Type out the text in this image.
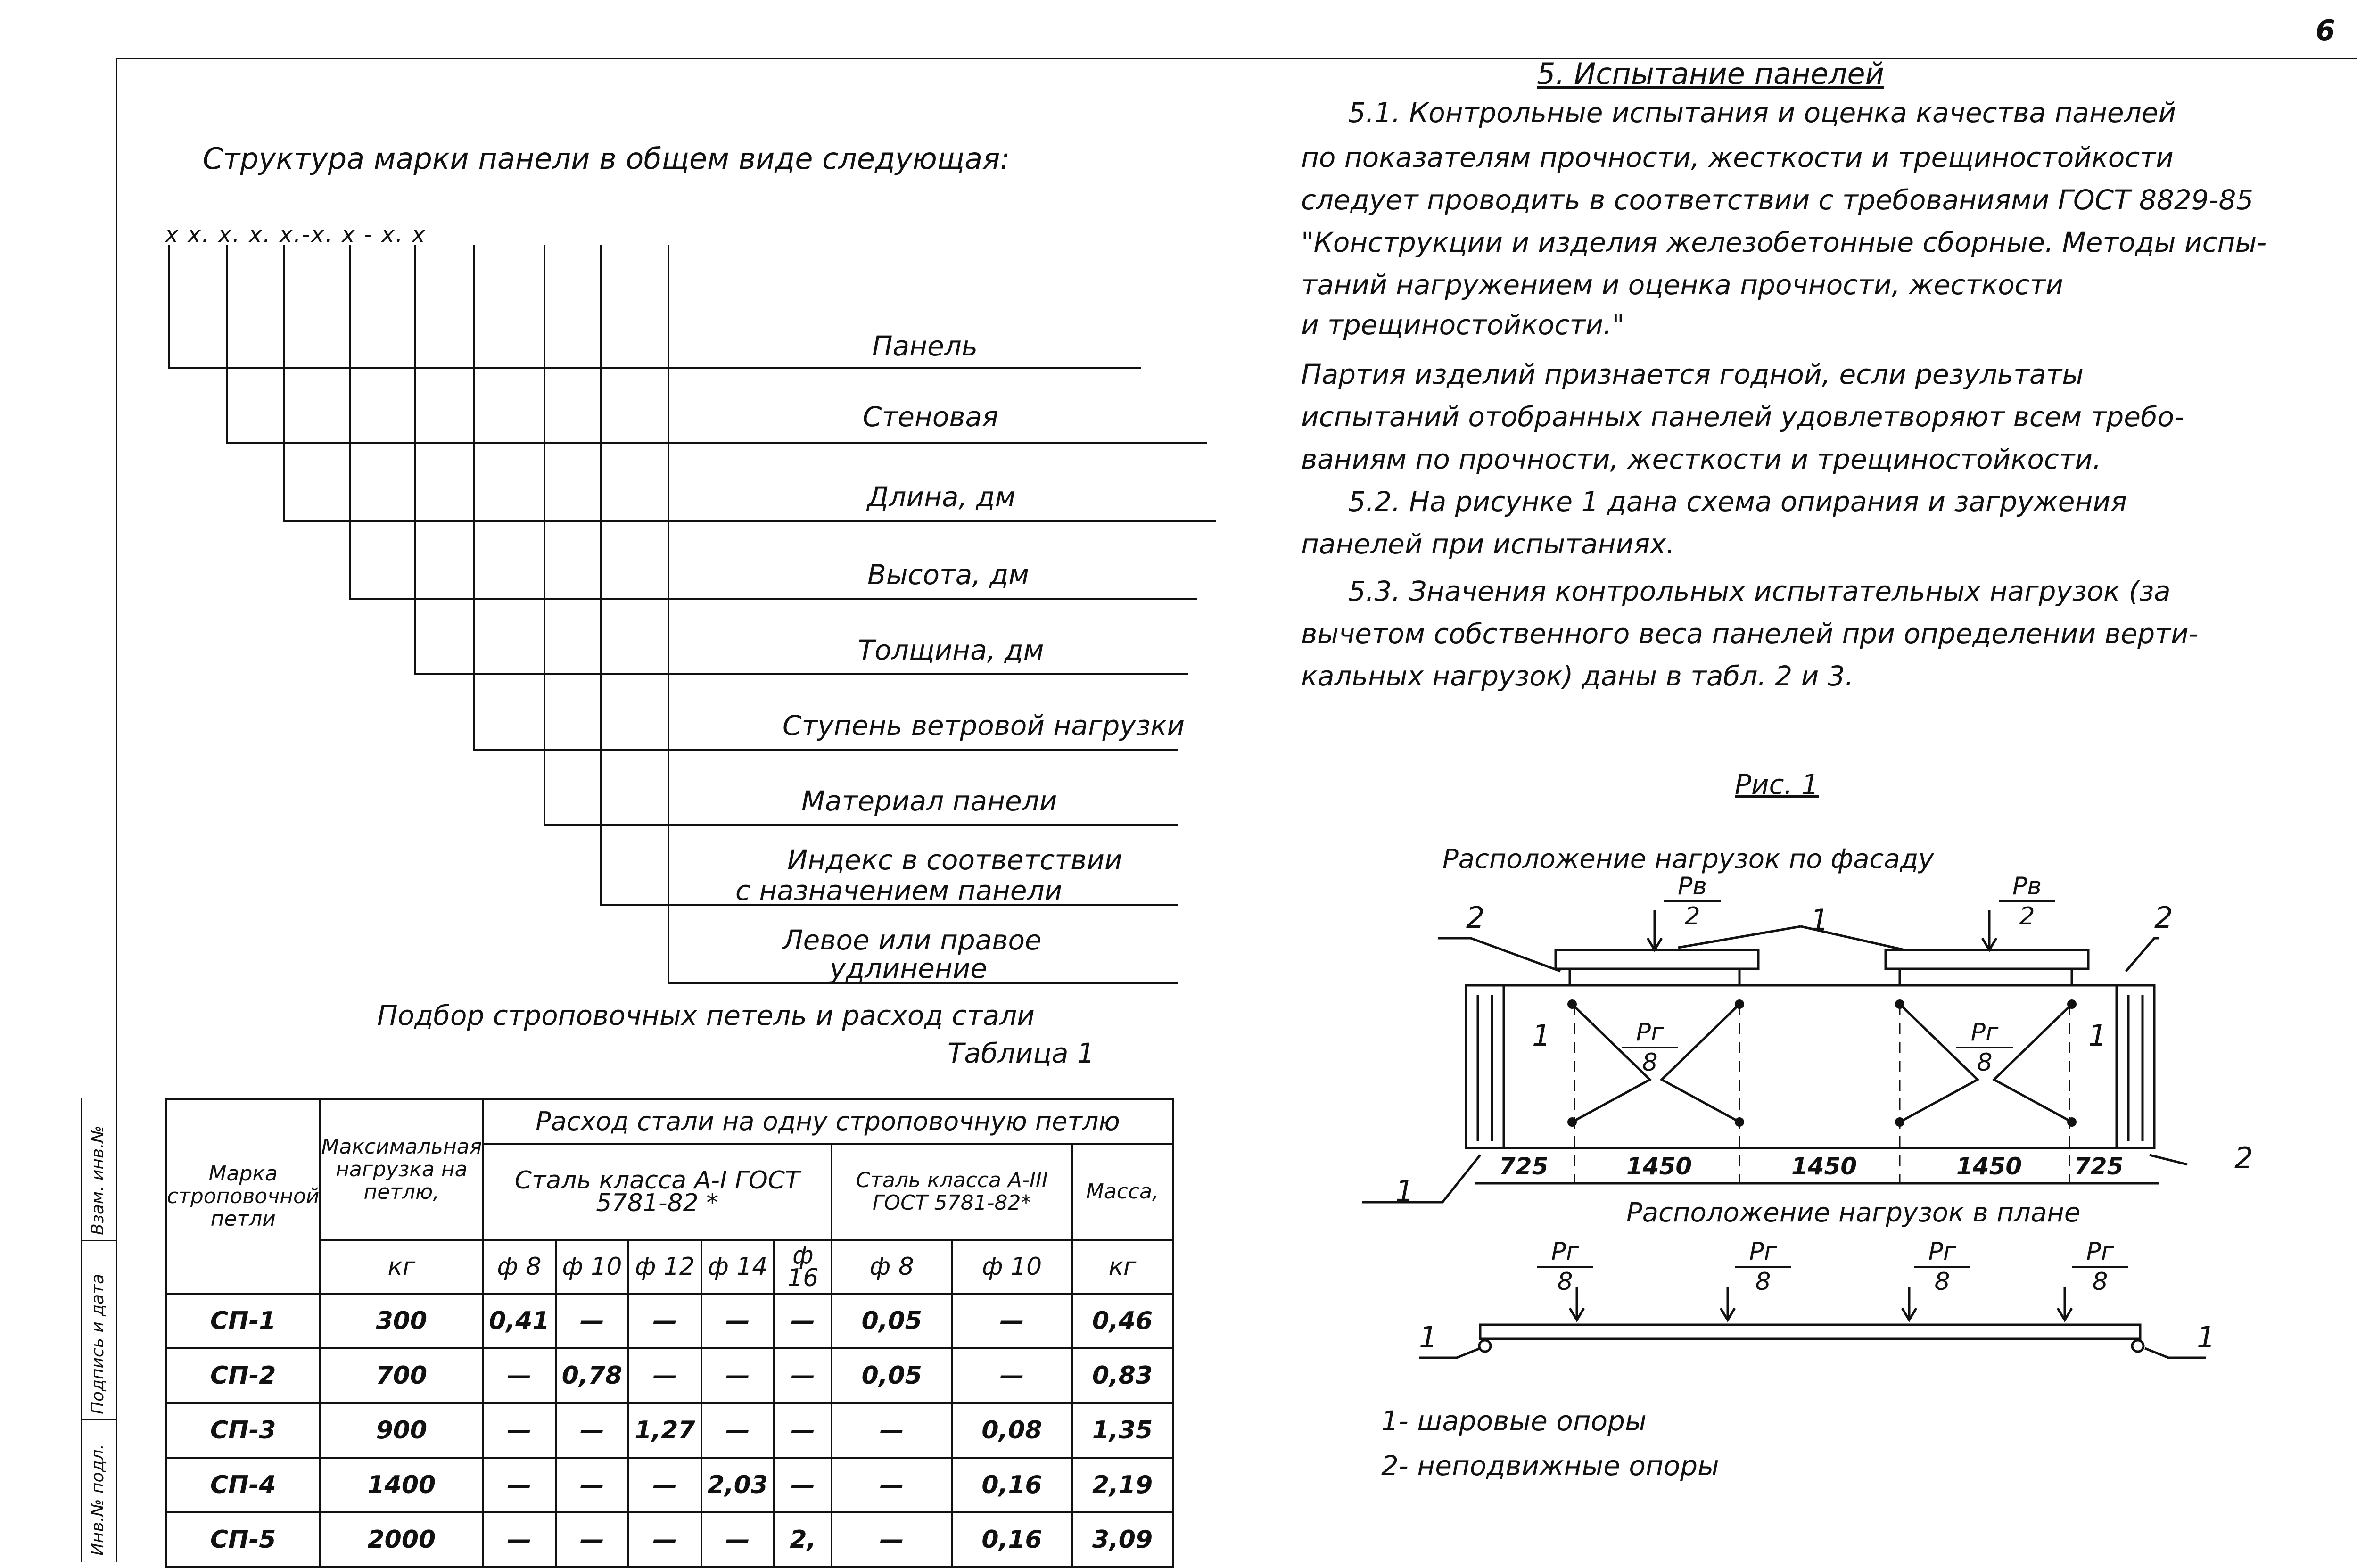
6
Структура марки панели в общем виде следующая:
х х. х. х. х.-х. х - х. х
Панель
Стеновая
Длина, дм
Высота, дм
Толщина, дм
Ступень ветровой нагрузки
Материал панели
Индекс в соответствии
с назначением панели
Левое или правое
удлинение
Подбор строповочных петель и расход стали
Таблица 1
Марка строповочной петли	Максимальная нагрузка на петлю,	Расход стали на одну строповочную петлю							
		Сталь класса А-I ГОСТ 5781-82 *					Сталь класса А-III ГОСТ 5781-82*		Масса,
	кг	ф 8	ф 10	ф 12	ф 14	ф 16	ф 8	ф 10	кг
СП-1	300	0,41	—	—	—	—	0,05	—	0,46
СП-2	700	—	0,78	—	—	—	0,05	—	0,83
СП-3	900	—	—	1,27	—	—	—	0,08	1,35
СП-4	1400	—	—	—	2,03	—	—	0,16	2,19
СП-5	2000	—	—	—	—	2,	—	0,16	3,09
Взам. инв.№
Подпись и дата
Инв.№ подл.
5. Испытание панелей
5.1. Контрольные испытания и оценка качества панелей
по показателям прочности, жесткости и трещиностойкости
следует проводить в соответствии с требованиями ГОСТ 8829-85
"Конструкции и изделия железобетонные сборные. Методы испы-
таний нагружением и оценка прочности, жесткости
и трещиностойкости."
Партия изделий признается годной, если результаты
испытаний отобранных панелей удовлетворяют всем требо-
ваниям по прочности, жесткости и трещиностойкости.
5.2. На рисунке 1 дана схема опирания и загружения
панелей при испытаниях.
5.3. Значения контрольных испытательных нагрузок (за
вычетом собственного веса панелей при определении верти-
кальных нагрузок) даны в табл. 2 и 3.
Рис. 1
Расположение нагрузок по фасаду
Рв
2
Рв
2
Рг
8
Рг
8
725	1450	1450	1450 725
2	1	2
1	1
1
2
Расположение нагрузок в плане
Рг
8
Рг
8
Рг
8
Рг
8
1	1
1- шаровые опоры
2- неподвижные опоры
